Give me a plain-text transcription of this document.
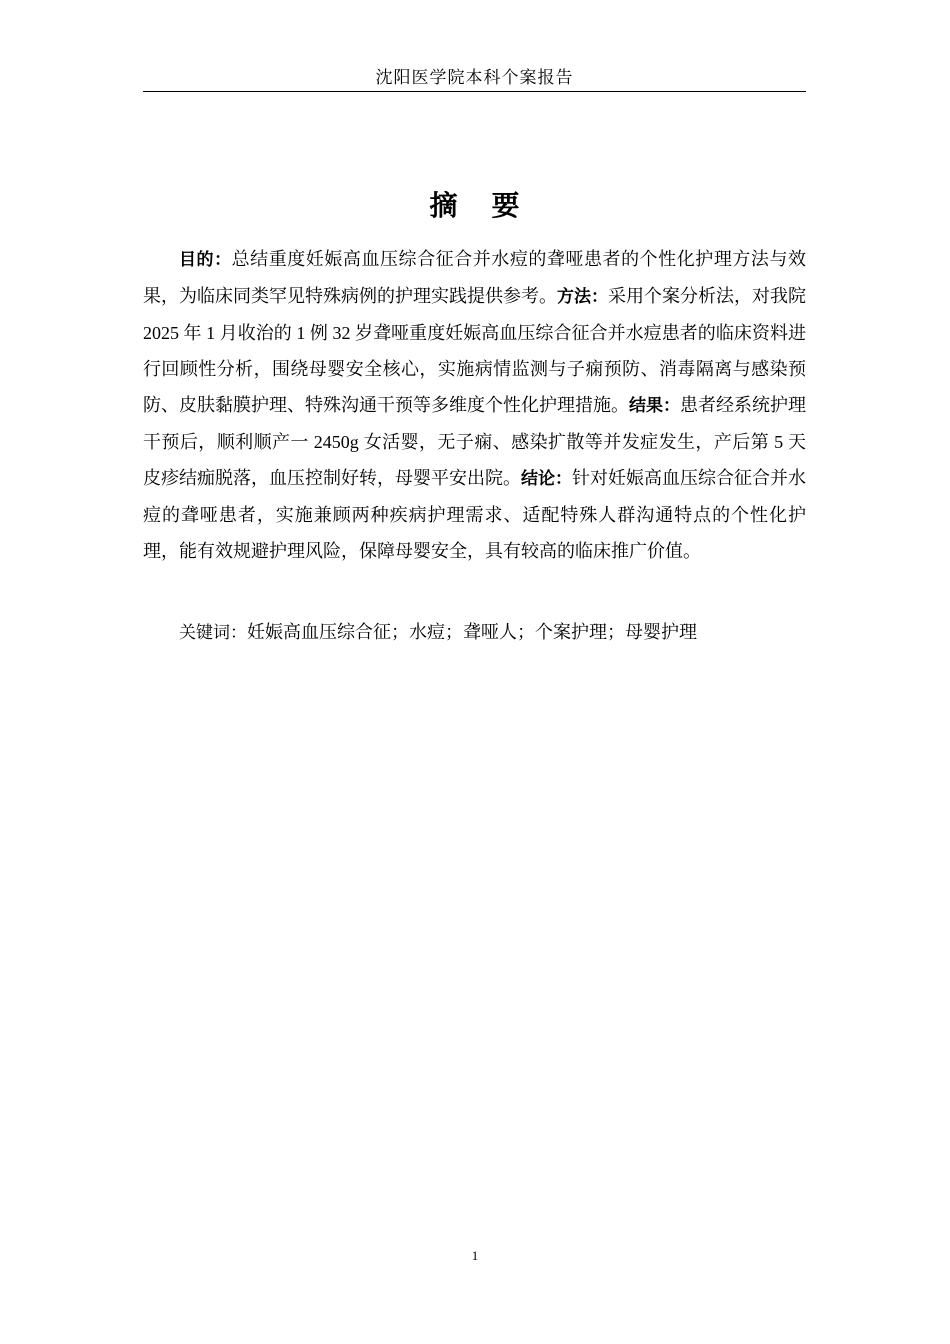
沈阳医学院本科个案报告
摘 要

目的：总结重度妊娠高血压综合征合并水痘的聋哑患者的个性化护理方法与效果，为临床同类罕见特殊病例的护理实践提供参考。方法：采用个案分析法，对我院 2025 年 1 月收治的 1 例 32 岁聋哑重度妊娠高血压综合征合并水痘患者的临床资料进行回顾性分析，围绕母婴安全核心，实施病情监测与子痫预防、消毒隔离与感染预防、皮肤黏膜护理、特殊沟通干预等多维度个性化护理措施。结果：患者经系统护理干预后，顺利顺产一 2450g 女活婴，无子痫、感染扩散等并发症发生，产后第 5 天皮疹结痂脱落，血压控制好转，母婴平安出院。结论：针对妊娠高血压综合征合并水痘的聋哑患者，实施兼顾两种疾病护理需求、适配特殊人群沟通特点的个性化护理，能有效规避护理风险，保障母婴安全，具有较高的临床推广价值。

关键词：妊娠高血压综合征；水痘；聋哑人；个案护理；母婴护理

1
